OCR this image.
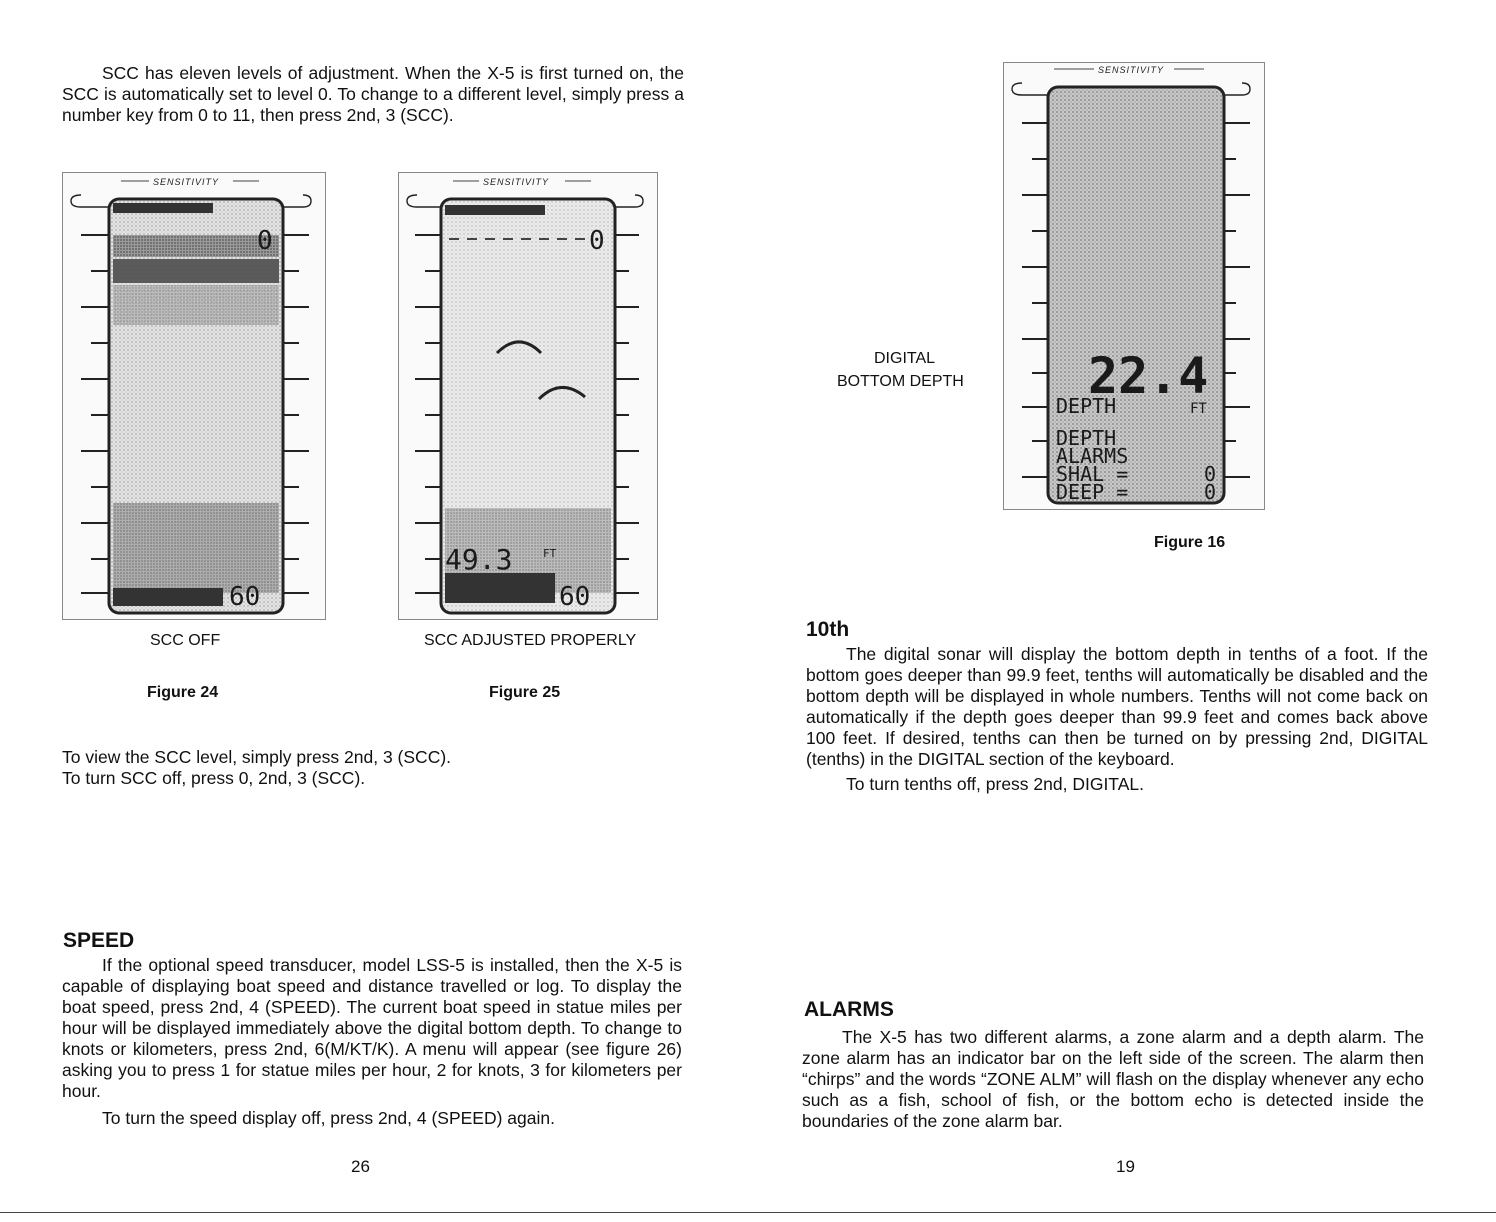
SCC has eleven levels of adjustment. When the X-5 is first turned on, the SCC is automatically set to level 0. To change to a different level, simply press a number key from 0 to 11, then press 2nd, 3 (SCC).
SENSITIVITY
0
60
SENSITIVITY
0
49.3	FT
60
SCC OFF	SCC ADJUSTED PROPERLY
Figure 24	Figure 25
To view the SCC level, simply press 2nd, 3 (SCC).
To turn SCC off, press 0, 2nd, 3 (SCC).
SPEED
If the optional speed transducer, model LSS-5 is installed, then the X-5 is capable of displaying boat speed and distance travelled or log. To display the boat speed, press 2nd, 4 (SPEED). The current boat speed in statue miles per hour will be displayed immediately above the digital bottom depth. To change to knots or kilometers, press 2nd, 6(M/KT/K). A menu will appear (see figure 26) asking you to press 1 for statue miles per hour, 2 for knots, 3 for kilometers per hour.
To turn the speed display off, press 2nd, 4 (SPEED) again.
26
DIGITAL
BOTTOM DEPTH
SENSITIVITY
22.4
DEPTH	FT
DEPTH
ALARMS
SHAL =
DEEP =
0
0
Figure 16
10th
The digital sonar will display the bottom depth in tenths of a foot. If the bottom goes deeper than 99.9 feet, tenths will automatically be disabled and the bottom depth will be displayed in whole numbers. Tenths will not come back on automatically if the depth goes deeper than 99.9 feet and comes back above 100 feet. If desired, tenths can then be turned on by pressing 2nd, DIGITAL (tenths) in the DIGITAL section of the keyboard.
To turn tenths off, press 2nd, DIGITAL.
ALARMS
The X-5 has two different alarms, a zone alarm and a depth alarm. The zone alarm has an indicator bar on the left side of the screen. The alarm then “chirps” and the words “ZONE ALM” will flash on the display whenever any echo such as a fish, school of fish, or the bottom echo is detected inside the boundaries of the zone alarm bar.
19
